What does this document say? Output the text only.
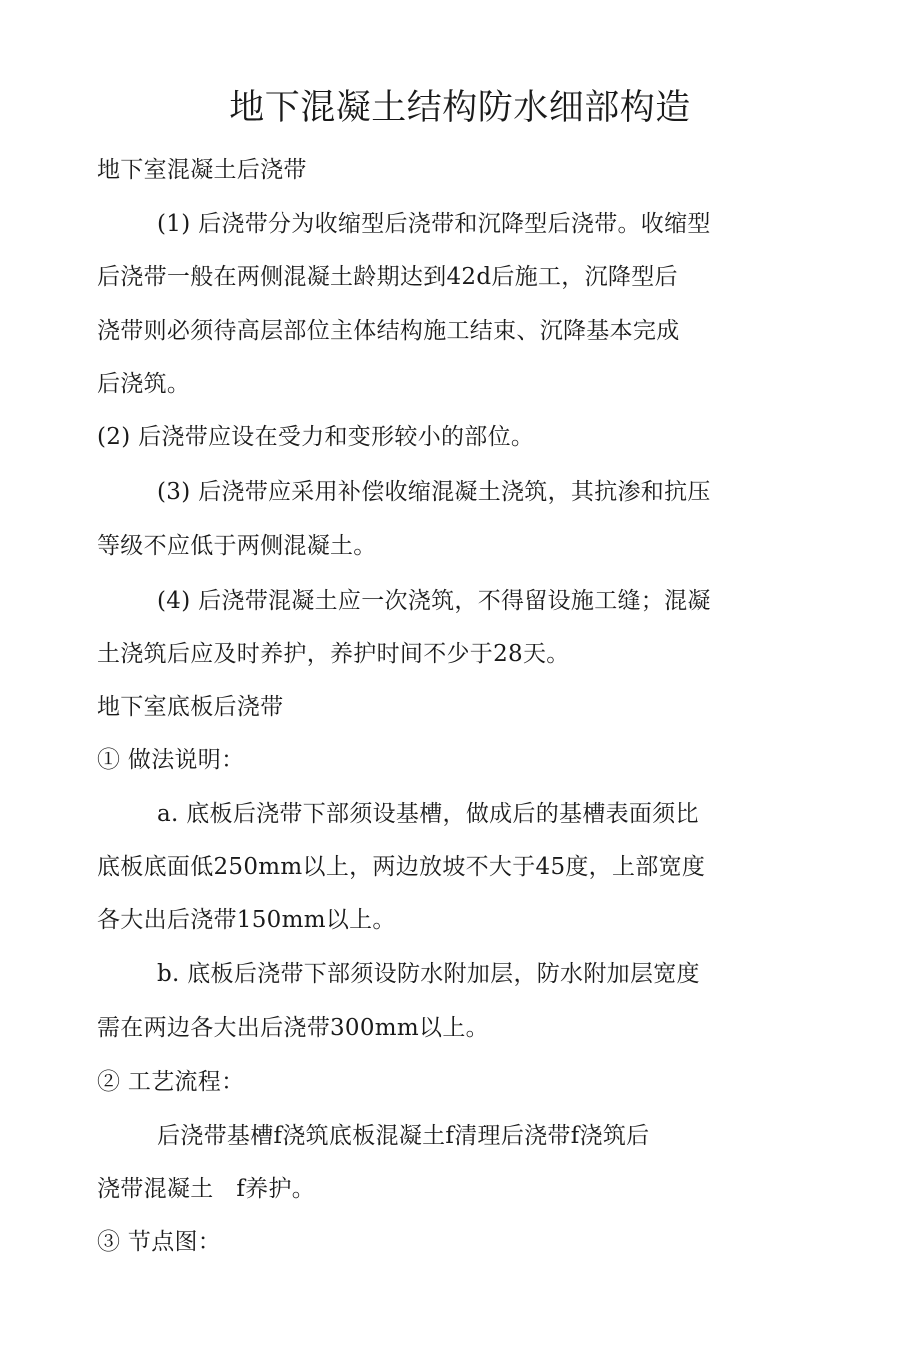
地下混凝土结构防水细部构造
地下室混凝土后浇带
(1) 后浇带分为收缩型后浇带和沉降型后浇带。收缩型
后浇带一般在两侧混凝土龄期达到42d后施工，沉降型后
浇带则必须待高层部位主体结构施工结束、沉降基本完成
后浇筑。
(2) 后浇带应设在受力和变形较小的部位。
(3) 后浇带应采用补偿收缩混凝土浇筑，其抗渗和抗压
等级不应低于两侧混凝土。
(4) 后浇带混凝土应一次浇筑，不得留设施工缝；混凝
土浇筑后应及时养护，养护时间不少于28天。
地下室底板后浇带
① 做法说明：
a. 底板后浇带下部须设基槽，做成后的基槽表面须比
底板底面低250mm以上，两边放坡不大于45度，上部宽度
各大出后浇带150mm以上。
b. 底板后浇带下部须设防水附加层，防水附加层宽度
需在两边各大出后浇带300mm以上。
② 工艺流程：
后浇带基槽f浇筑底板混凝土f清理后浇带f浇筑后
浇带混凝土   f养护。
③ 节点图：
